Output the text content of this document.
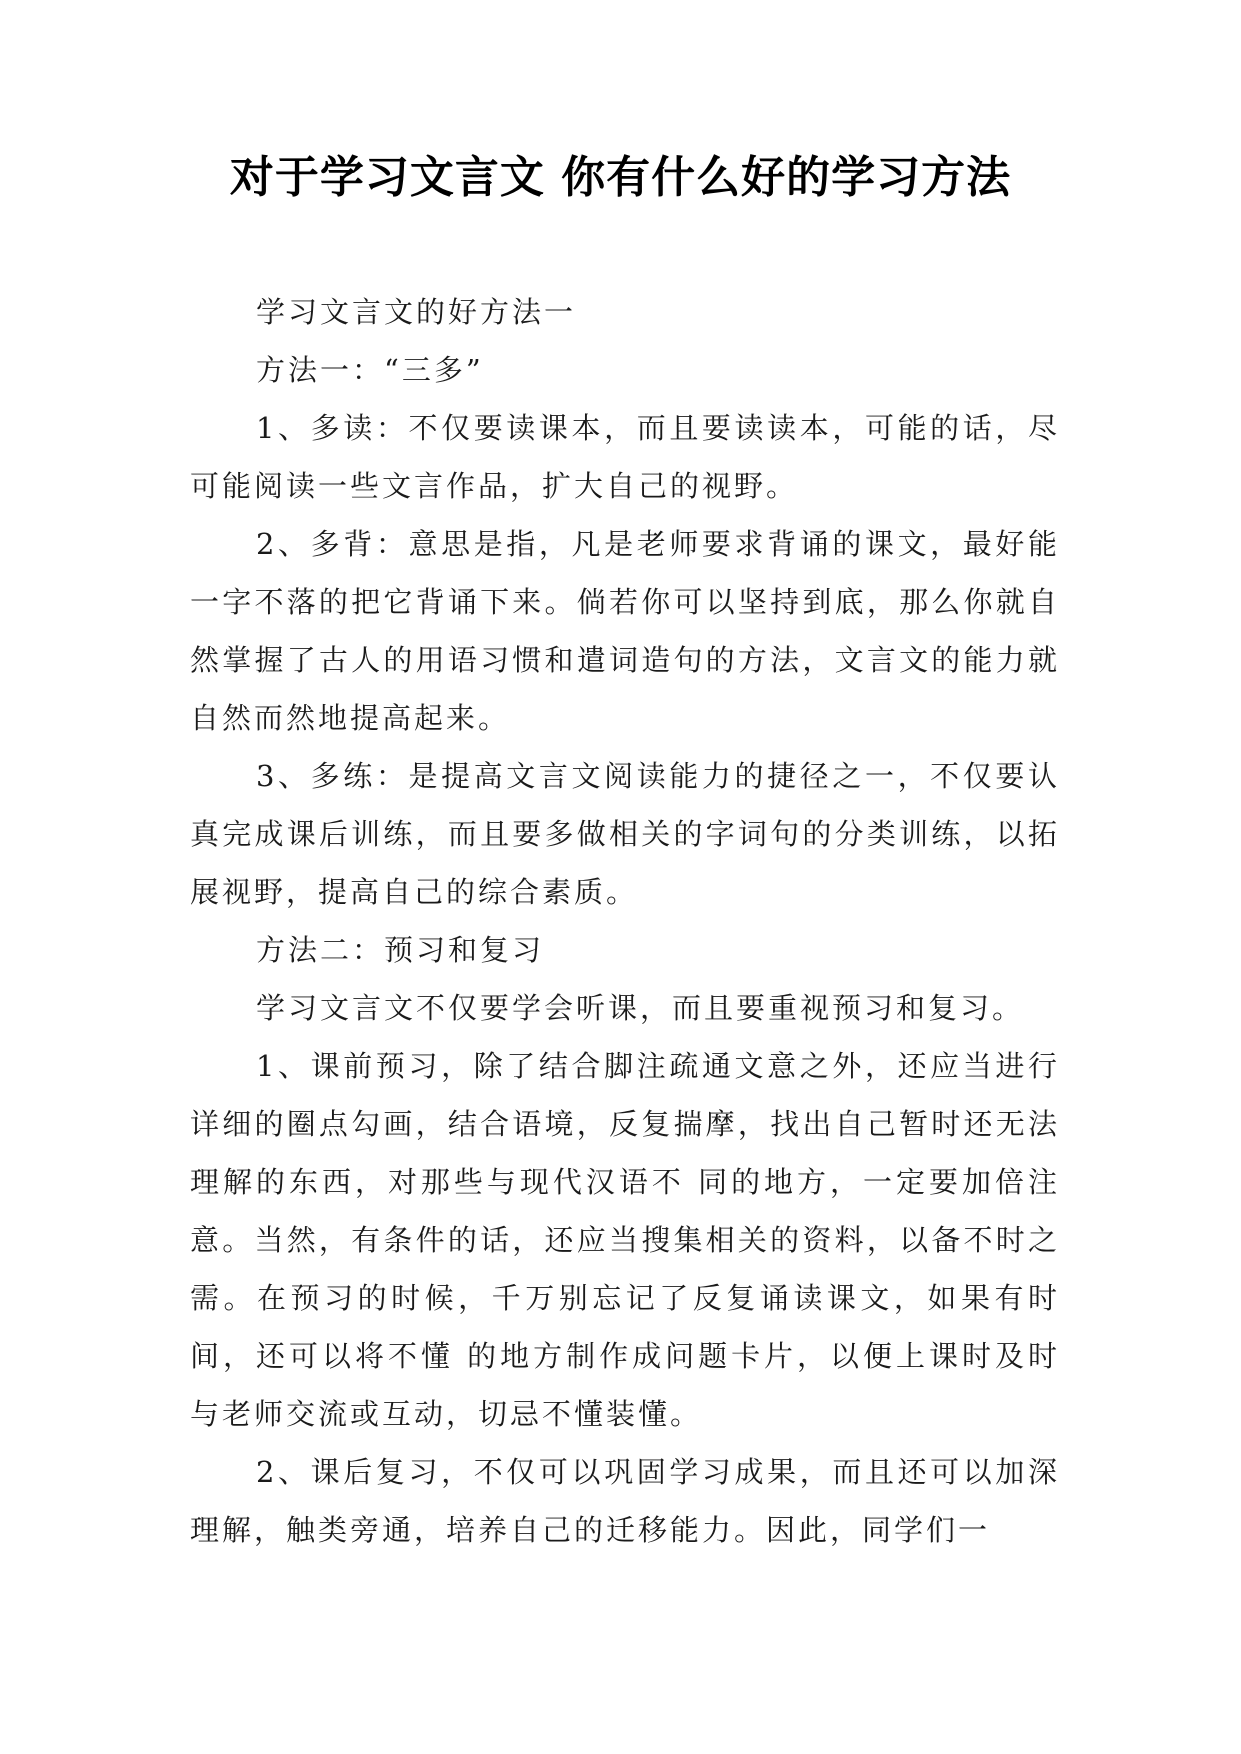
对于学习文言文 你有什么好的学习方法

学习文言文的好方法一

方法一：“三多”

1、多读：不仅要读课本，而且要读读本，可能的话，尽可能阅读一些文言作品，扩大自己的视野。

2、多背：意思是指，凡是老师要求背诵的课文，最好能一字不落的把它背诵下来。倘若你可以坚持到底，那么你就自然掌握了古人的用语习惯和遣词造句的方法，文言文的能力就自然而然地提高起来。

3、多练：是提高文言文阅读能力的捷径之一，不仅要认真完成课后训练，而且要多做相关的字词句的分类训练，以拓展视野，提高自己的综合素质。

方法二：预习和复习

学习文言文不仅要学会听课，而且要重视预习和复习。

1、课前预习，除了结合脚注疏通文意之外，还应当进行详细的圈点勾画，结合语境，反复揣摩，找出自己暂时还无法理解的东西，对那些与现代汉语不 同的地方，一定要加倍注意。当然，有条件的话，还应当搜集相关的资料，以备不时之需。在预习的时候，千万别忘记了反复诵读课文，如果有时间，还可以将不懂 的地方制作成问题卡片，以便上课时及时与老师交流或互动，切忌不懂装懂。

2、课后复习，不仅可以巩固学习成果，而且还可以加深理解，触类旁通，培养自己的迁移能力。因此，同学们一
